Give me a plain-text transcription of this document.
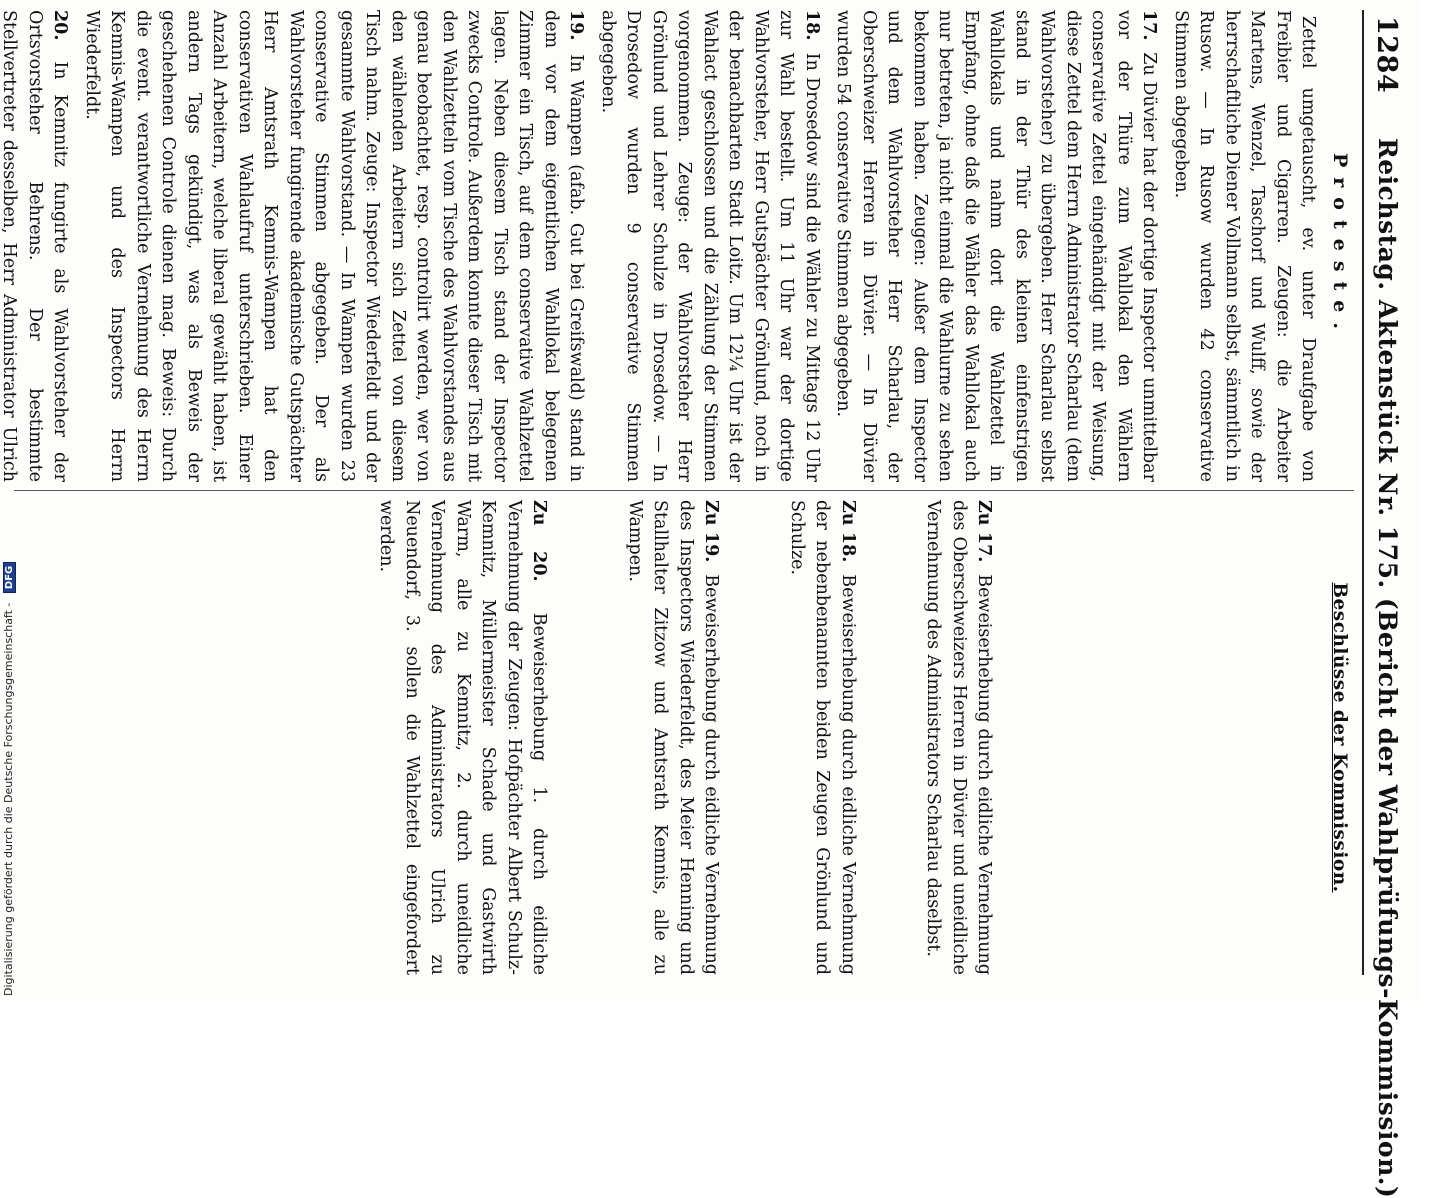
1284
Reichstag. Aktenstück Nr. 175. (Bericht der Wahlprüfungs-Kommission.)
Proteste.

Zettel umgetauscht, ev. unter Draufgabe von Freibier und Cigarren. Zeugen: die Arbeiter Martens, Wenzel, Taschorf und Wulff, sowie der herrschaftliche Diener Vollmann selbst, sämmtlich in Rusow. — In Rusow wurden 42 conservative Stimmen abgegeben.

17. Zu Düvier hat der dortige Inspector unmittelbar vor der Thüre zum Wahllokal den Wählern conservative Zettel eingehändigt mit der Weisung, diese Zettel dem Herrn Administrator Scharlau (dem Wahlvorsteher) zu übergeben. Herr Scharlau selbst stand in der Thür des kleinen einfenstrigen Wahllokals und nahm dort die Wahlzettel in Empfang, ohne daß die Wähler das Wahllokal auch nur betreten, ja nicht einmal die Wahlurne zu sehen bekommen haben. Zeugen: Außer dem Inspector und dem Wahlvorsteher Herr Scharlau, der Oberschweizer Herren in Düvier. — In Düvier wurden 54 conservative Stimmen abgegeben.

18. In Drosedow sind die Wähler zu Mittags 12 Uhr zur Wahl bestellt. Um 11 Uhr war der dortige Wahlvorsteher, Herr Gutspächter Grönlund, noch in der benachbarten Stadt Loitz. Um 12¼ Uhr ist der Wahlact geschlossen und die Zählung der Stimmen vorgenommen. Zeuge: der Wahlvorsteher Herr Grönlund und Lehrer Schulze in Drosedow. — In Drosedow wurden 9 conservative Stimmen abgegeben.

19. In Wampen (afab. Gut bei Greifswald) stand in dem vor dem eigentlichen Wahllokal belegenen Zimmer ein Tisch, auf dem conservative Wahlzettel lagen. Neben diesem Tisch stand der Inspector zwecks Controle. Außerdem konnte dieser Tisch mit den Wahlzetteln vom Tische des Wahlvorstandes aus genau beobachtet, resp. controlirt werden, wer von den wählenden Arbeitern sich Zettel von diesem Tisch nahm. Zeuge: Inspector Wiederfeldt und der gesammte Wahlvorstand. — In Wampen wurden 23 conservative Stimmen abgegeben. Der als Wahlvorsteher fungirende akademische Gutspächter Herr Amtsrath Kemnis-Wampen hat den conservativen Wahlaufruf unterschrieben. Einer Anzahl Arbeitern, welche liberal gewählt haben, ist andern Tags gekündigt, was als Beweis der geschehenen Controle dienen mag. Beweis: Durch die event. verantwortliche Vernehmung des Herrn Kemnis-Wampen und des Inspectors Herrn Wiederfeldt.

20. In Kemnitz fungirte als Wahlvorsteher der Ortsvorsteher Behrens. Der bestimmte Stellvertreter desselben, Herr Administrator Ulrich

Beschlüsse der Kommission.

Zu 17. Beweiserhebung durch eidliche Vernehmung des Oberschweizers Herren in Düvier und uneidliche Vernehmung des Administrators Scharlau daselbst.

Zu 18. Beweiserhebung durch eidliche Vernehmung der nebenbenannten beiden Zeugen Grönlund und Schulze.

Zu 19. Beweiserhebung durch eidliche Vernehmung des Inspectors Wiederfeldt, des Meier Henning und Stallhalter Zitzow und Amtsrath Kemnis, alle zu Wampen.

Zu 20. Beweiserhebung 1. durch eidliche Vernehmung der Zeugen: Hofpächter Albert Schulz-Kemnitz, Müllermeister Schade und Gastwirth Warm, alle zu Kemnitz, 2. durch uneidliche Vernehmung des Administrators Ulrich zu Neuendorf, 3. sollen die Wahlzettel eingefordert werden.

Digitalisierung gefördert durch die Deutsche Forschungsgemeinschaft - DFG
